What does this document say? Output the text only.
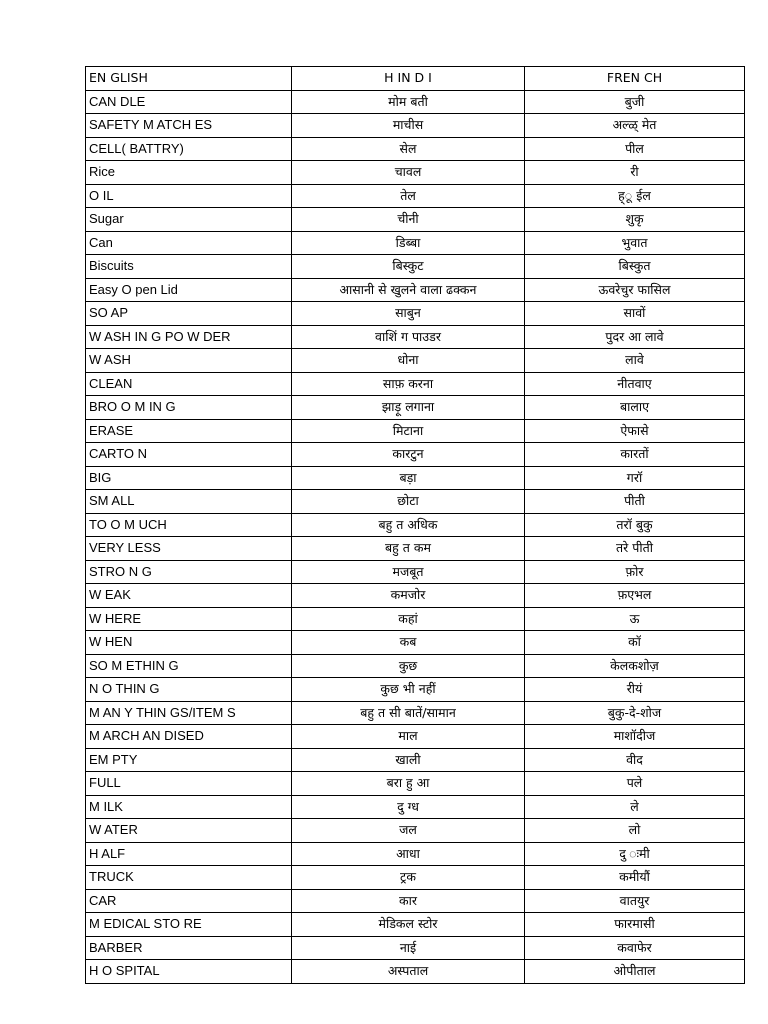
EN GLISH	H IN D I	FREN CH
CAN DLE	मोम बती	बुजी
SAFETY M ATCH ES	माचीस	अल्ळ् मेत
CELL( BATTRY)	सेल	पील
Rice	चावल	री
O IL	तेल	ह्ू ईल
Sugar	चीनी	शुकृ
Can	डिब्बा	भुवात
Biscuits	बिस्कुट	बिस्कुत
Easy O pen Lid	आसानी से खुलने वाला ढक्कन	ऊवरेचुर फासिल
SO AP	साबुन	सावों
W ASH IN G PO W DER	वाशिं ग पाउडर	पुदर आ लावे
W ASH	धोना	लावे
CLEAN	साफ़ करना	नीतवाए
BRO O M IN G	झाड़ू लगाना	बालाए
ERASE	मिटाना	ऐफासे
CARTO N	कारटुन	कारतों
BIG	बड़ा	गरॉ
SM ALL	छोटा	पीती
TO O M UCH	बहु त अधिक	तरॉ बुकु
VERY LESS	बहु त कम	तरे पीती
STRO N G	मजबूत	फ़ोर
W EAK	कमजोर	फ़एभल
W HERE	कहां	ऊ
W HEN	कब	कॉ
SO M ETHIN G	कुछ	केलकशोज़
N O THIN G	कुछ भी नहीं	रीयं
M AN Y THIN GS/ITEM S	बहु त सी बातें/सामान	बुकु-दे-शोज
M ARCH AN DISED	माल	माशॉदीज
EM PTY	खाली	वीद
FULL	बरा हु आ	पले
M ILK	दु ग्ध	ले
W ATER	जल	लो
H ALF	आधा	दु ःमी
TRUCK	ट्रक	कमीयौं
CAR	कार	वातयुर
M EDICAL STO RE	मेडिकल स्टोर	फारमासी
BARBER	नाई	कवाफेर
H O SPITAL	अस्पताल	ओपीताल
